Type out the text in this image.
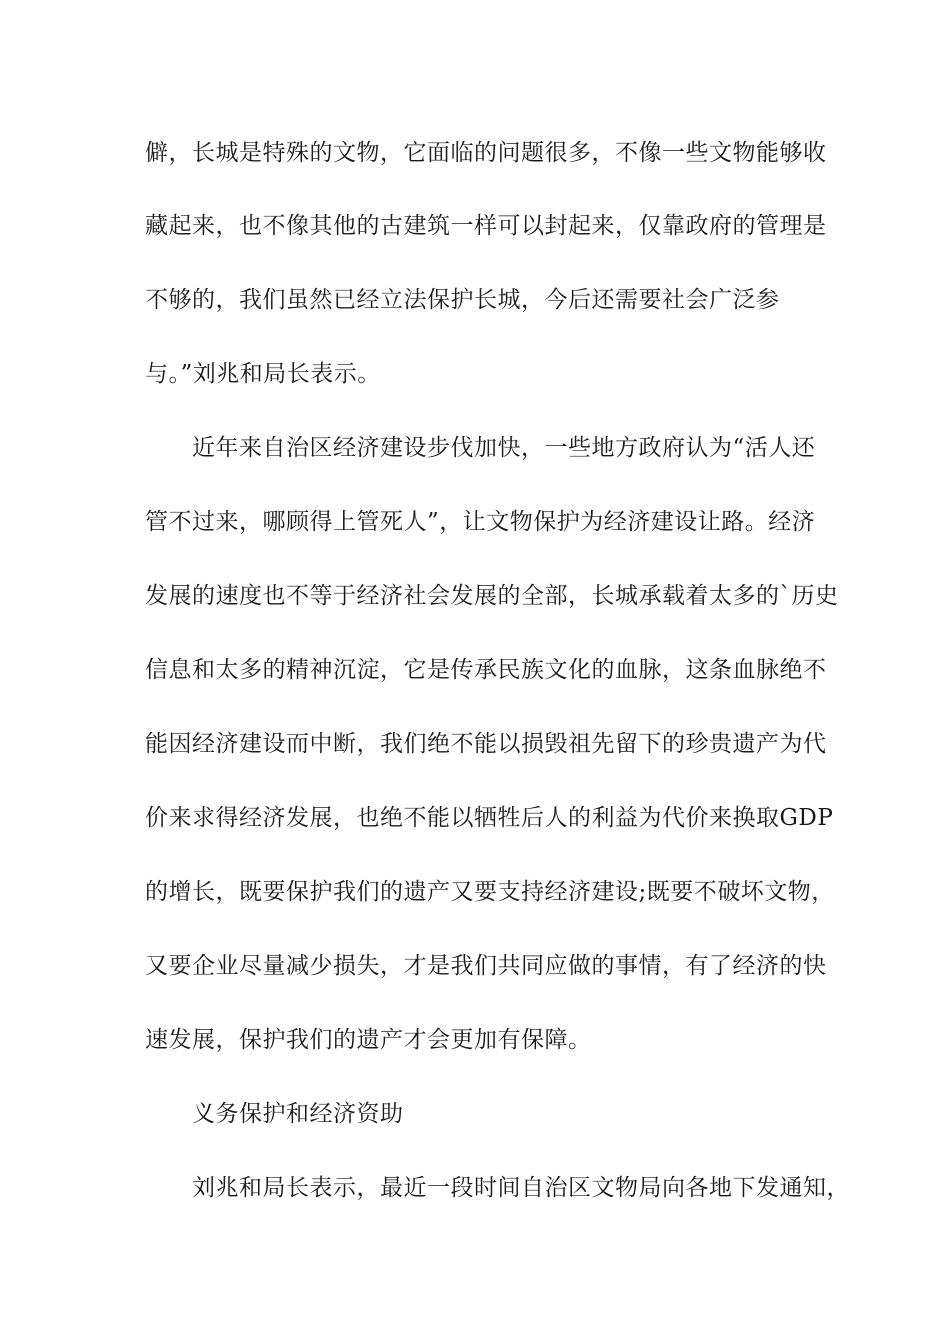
僻，长城是特殊的文物，它面临的问题很多，不像一些文物能够收
藏起来，也不像其他的古建筑一样可以封起来，仅靠政府的管理是
不够的，我们虽然已经立法保护长城，今后还需要社会广泛参
与。”刘兆和局长表示。
近年来自治区经济建设步伐加快，一些地方政府认为“活人还
管不过来，哪顾得上管死人”，让文物保护为经济建设让路。经济
发展的速度也不等于经济社会发展的全部，长城承载着太多的`历史
信息和太多的精神沉淀，它是传承民族文化的血脉，这条血脉绝不
能因经济建设而中断，我们绝不能以损毁祖先留下的珍贵遗产为代
价来求得经济发展，也绝不能以牺牲后人的利益为代价来换取GDP
的增长，既要保护我们的遗产又要支持经济建设;既要不破坏文物，
又要企业尽量减少损失，才是我们共同应做的事情，有了经济的快
速发展，保护我们的遗产才会更加有保障。
义务保护和经济资助
刘兆和局长表示，最近一段时间自治区文物局向各地下发通知，
